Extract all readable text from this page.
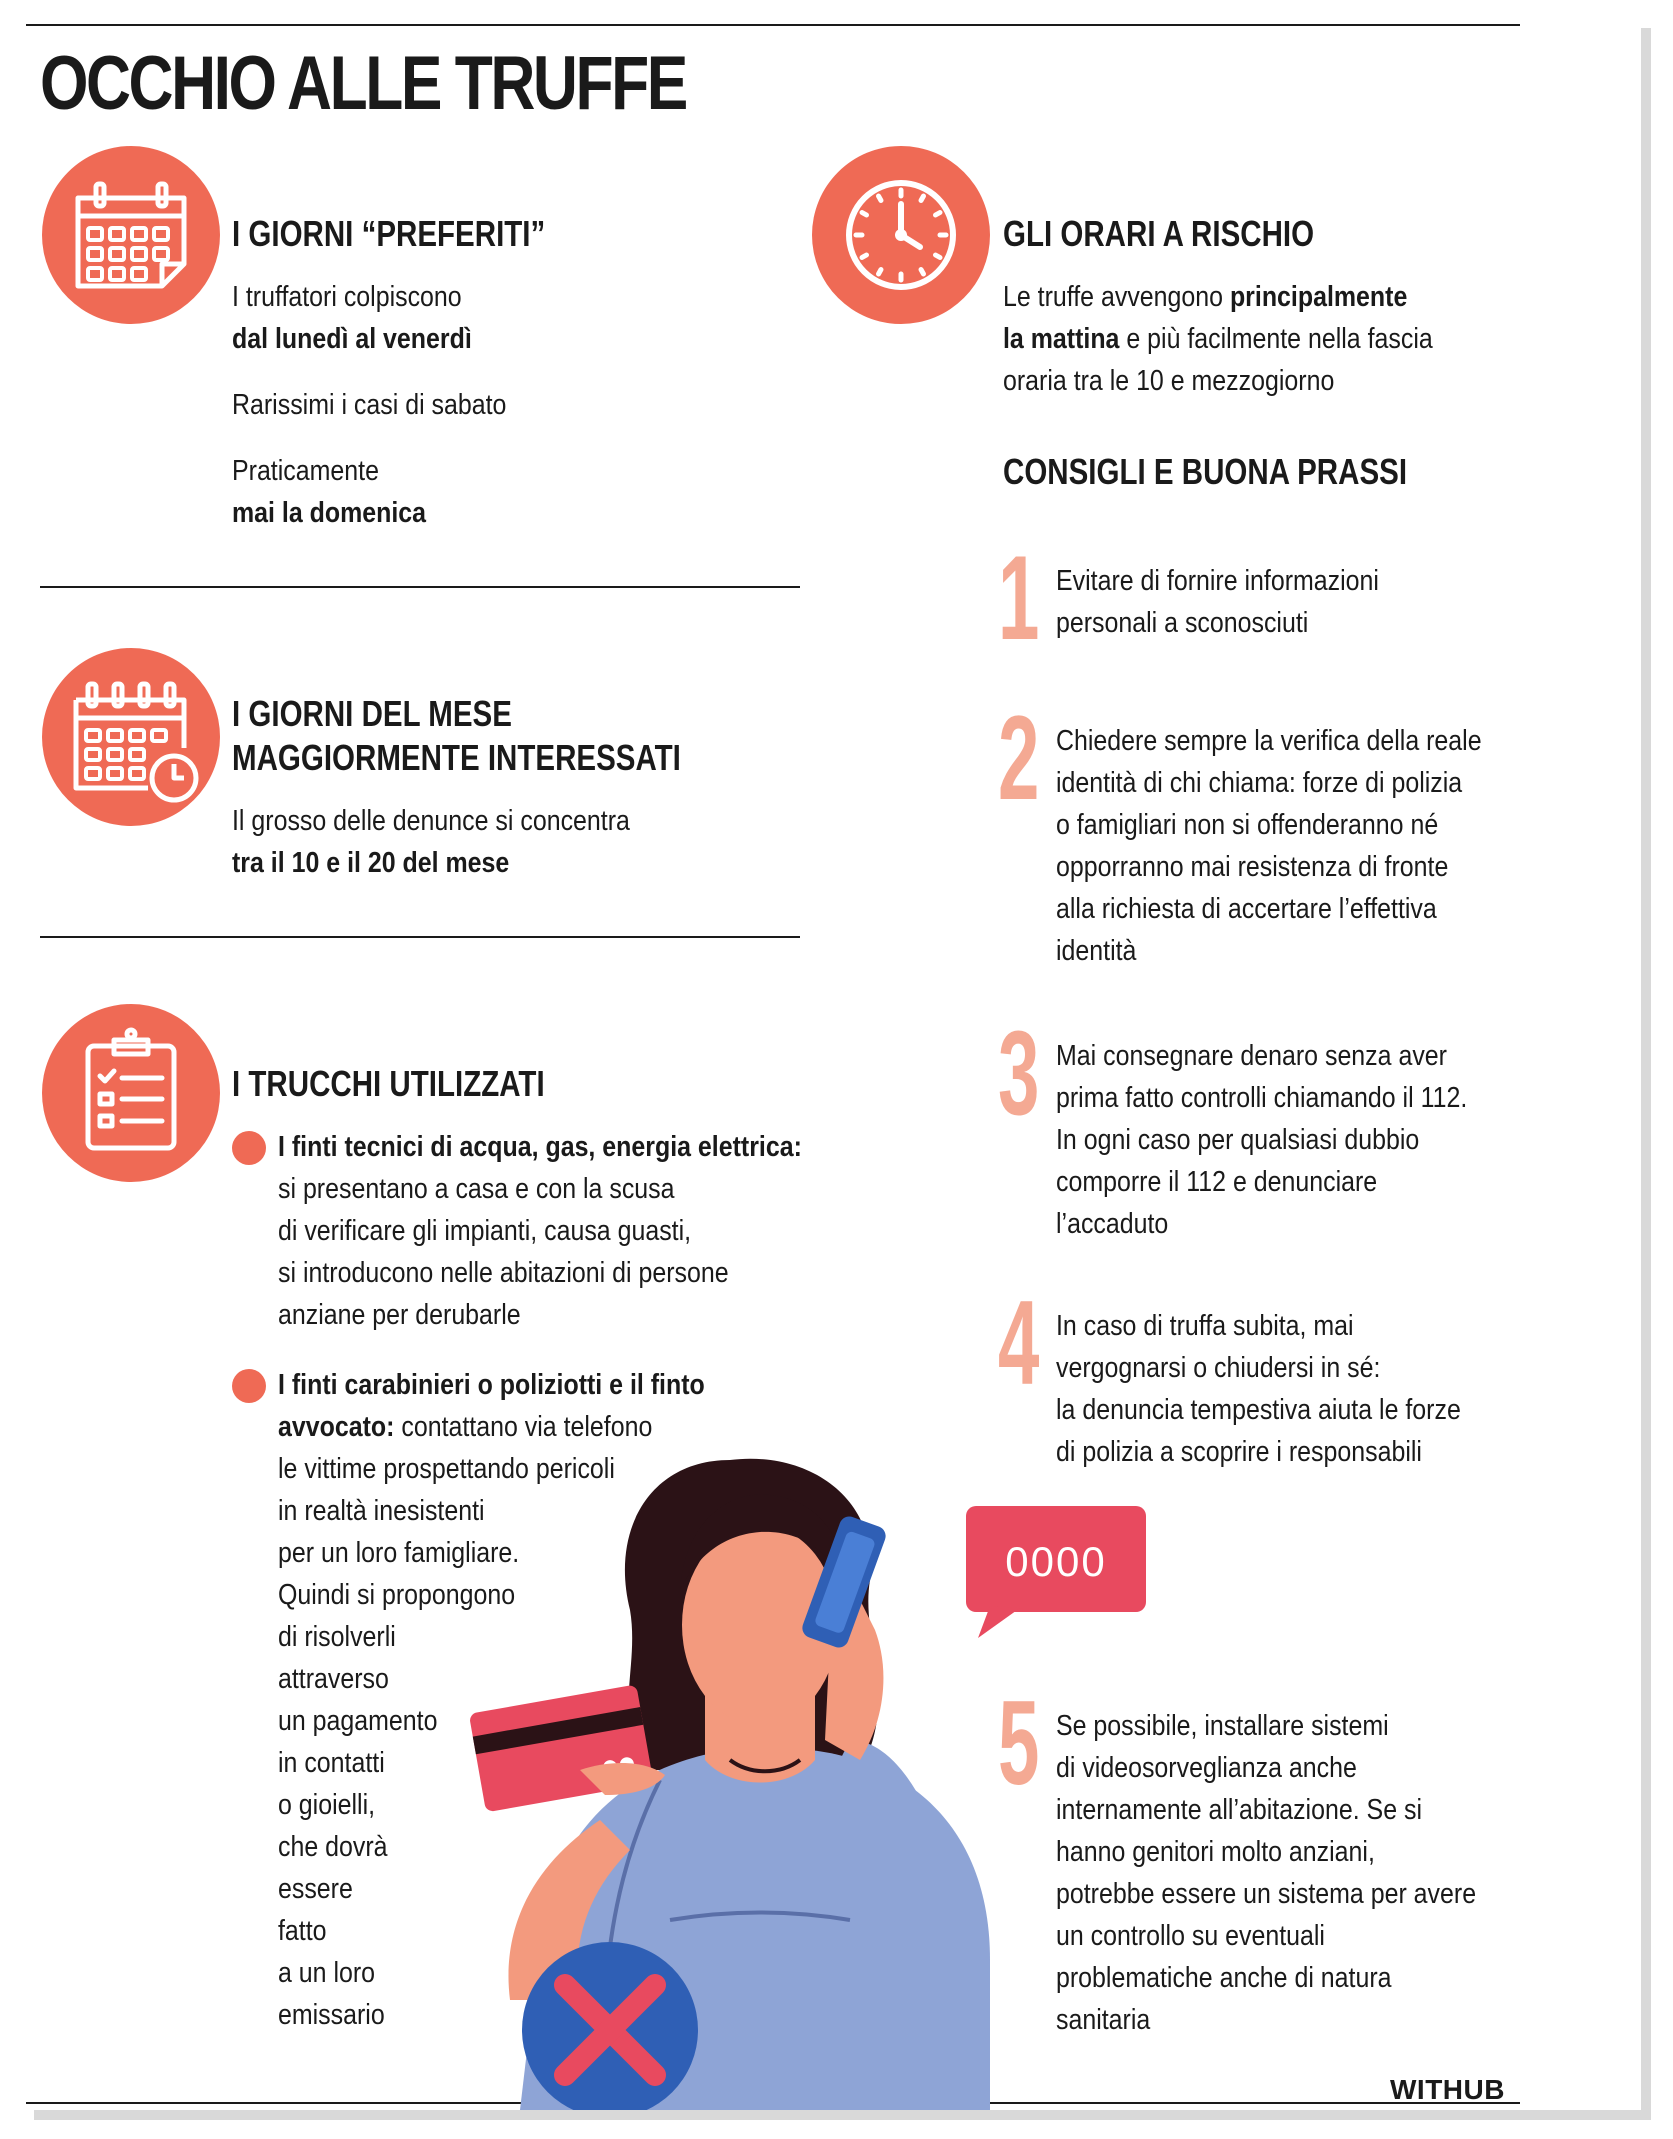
OCCHIO ALLE TRUFFE
I GIORNI “PREFERITI”
I truffatori colpiscono
dal lunedì al venerdì
Rarissimi i casi di sabato
Praticamente
mai la domenica
I GIORNI DEL MESE
MAGGIORMENTE INTERESSATI
Il grosso delle denunce si concentra
tra il 10 e il 20 del mese
I TRUCCHI UTILIZZATI
I finti tecnici di acqua, gas, energia elettrica:
si presentano a casa e con la scusa
di verificare gli impianti, causa guasti,
si introducono nelle abitazioni di persone
anziane per derubarle
I finti carabinieri o poliziotti e il finto
avvocato: contattano via telefono
le vittime prospettando pericoli
in realtà inesistenti
per un loro famigliare.
Quindi si propongono
di risolverli
attraverso
un pagamento
in contatti
o gioielli,
che dovrà
essere
fatto
a un loro
emissario
GLI ORARI A RISCHIO
Le truffe avvengono principalmente
la mattina e più facilmente nella fascia
oraria tra le 10 e mezzogiorno
CONSIGLI E BUONA PRASSI
1 Evitare di fornire informazioni
personali a sconosciuti
2 Chiedere sempre la verifica della reale
identità di chi chiama: forze di polizia
o famigliari non si offenderanno né
opporranno mai resistenza di fronte
alla richiesta di accertare l’effettiva
identità
3 Mai consegnare denaro senza aver
prima fatto controlli chiamando il 112.
In ogni caso per qualsiasi dubbio
comporre il 112 e denunciare
l’accaduto
4 In caso di truffa subita, mai
vergognarsi o chiudersi in sé:
la denuncia tempestiva aiuta le forze
di polizia a scoprire i responsabili
5 Se possibile, installare sistemi
di videosorveglianza anche
internamente all’abitazione. Se si
hanno genitori molto anziani,
potrebbe essere un sistema per avere
un controllo su eventuali
problematiche anche di natura
sanitaria
0000
WITHUB
